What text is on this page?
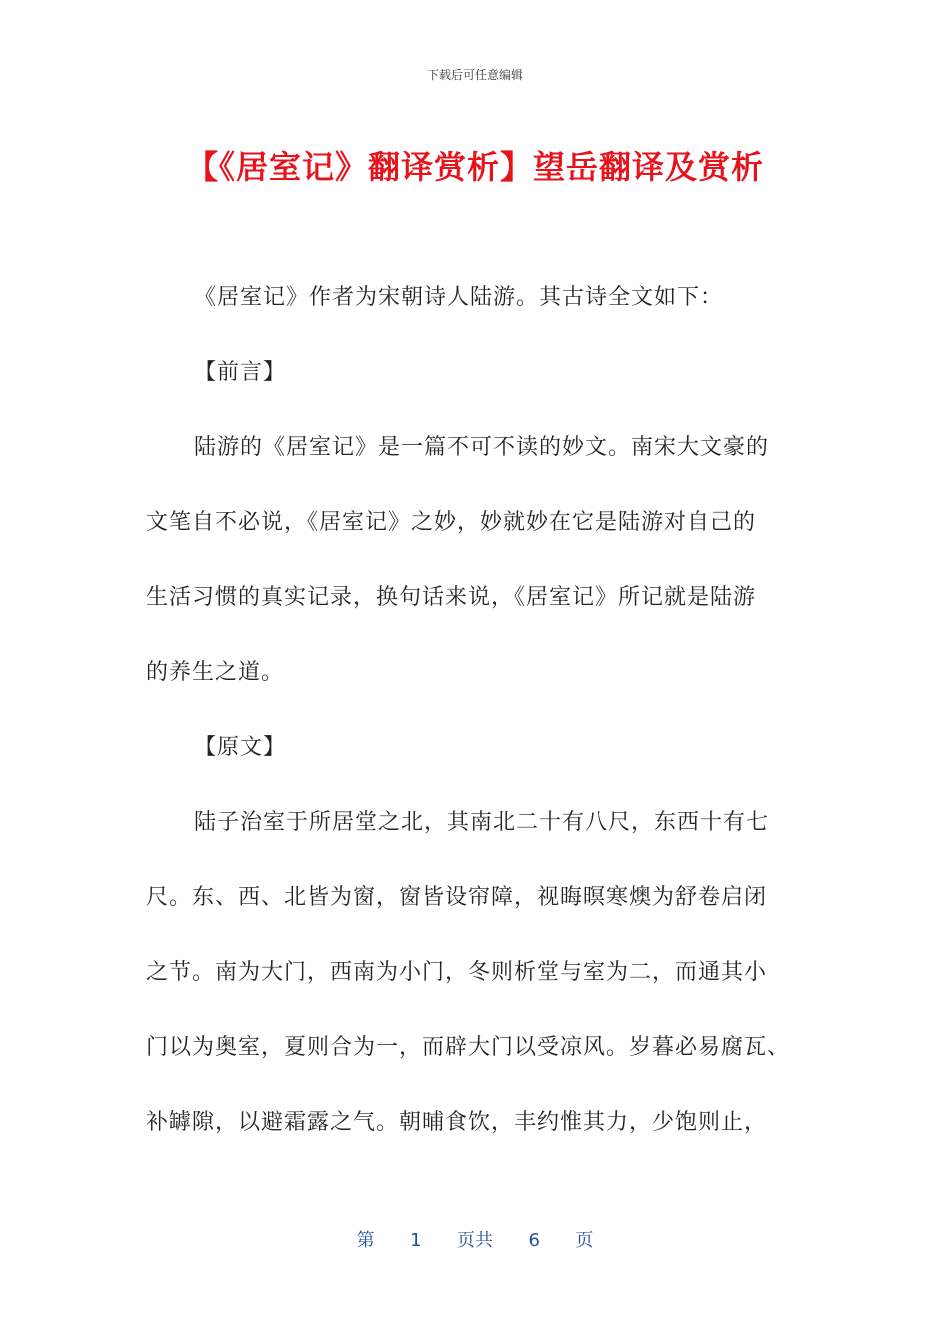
下载后可任意编辑
【《居室记》翻译赏析】望岳翻译及赏析
《居室记》作者为宋朝诗人陆游。其古诗全文如下：
【前言】
陆游的《居室记》是一篇不可不读的妙文。南宋大文豪的
文笔自不必说，《居室记》之妙，妙就妙在它是陆游对自己的
生活习惯的真实记录，换句话来说，《居室记》所记就是陆游
的养生之道。
【原文】
陆子治室于所居堂之北，其南北二十有八尺，东西十有七
尺。东、西、北皆为窗，窗皆设帘障，视晦暝寒燠为舒卷启闭
之节。南为大门，西南为小门，冬则析堂与室为二，而通其小
门以为奥室，夏则合为一，而辟大门以受凉风。岁暮必易腐瓦、
补罅隙，以避霜露之气。朝晡食饮，丰约惟其力，少饱则止，
第 1 页共 6 页
